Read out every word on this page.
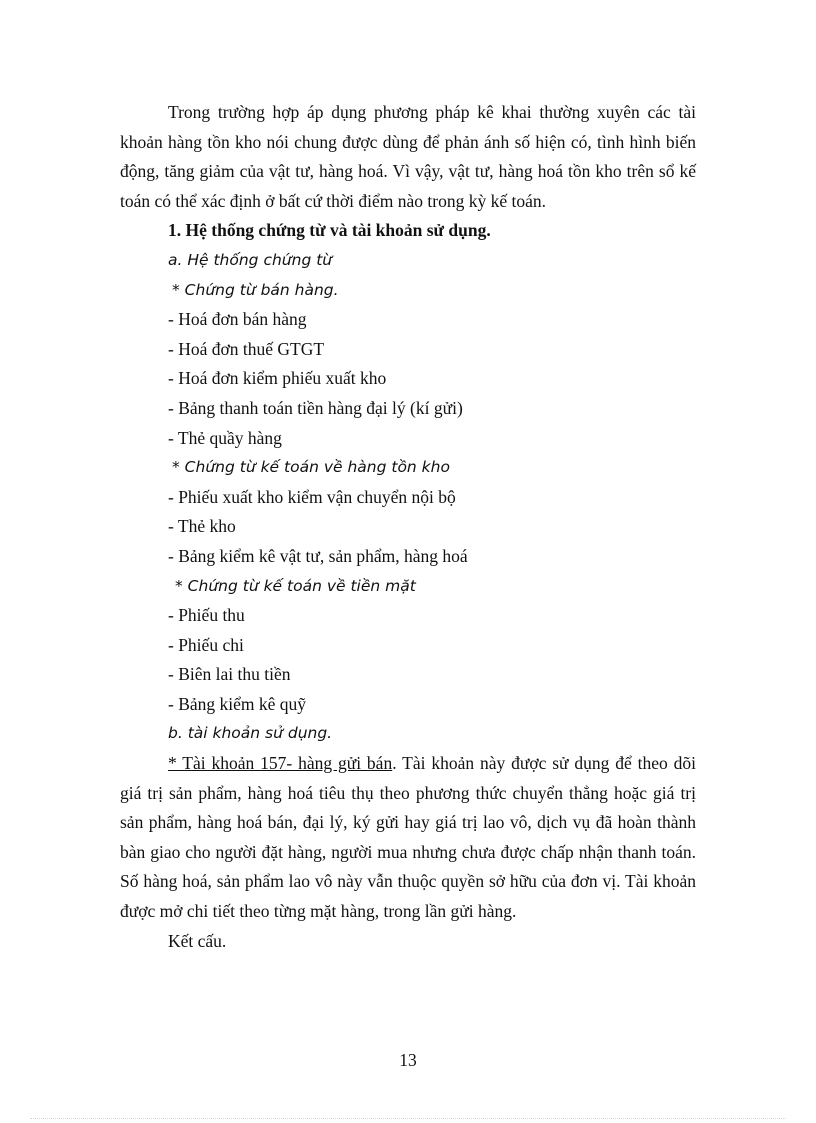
Trong trường hợp áp dụng phương pháp kê khai thường xuyên các tài khoản hàng tồn kho nói chung được dùng để phản ánh số hiện có, tình hình biến động, tăng giảm của vật tư, hàng hoá. Vì vậy, vật tư, hàng hoá tồn kho trên sổ kế toán có thể xác định ở bất cứ thời điểm nào trong kỳ kế toán.

1. Hệ thống chứng từ và tài khoản sử dụng.

a. Hệ thống chứng từ

* Chứng từ bán hàng.

- Hoá đơn bán hàng

- Hoá đơn thuế GTGT

- Hoá đơn kiểm phiếu xuất kho

- Bảng thanh toán tiền hàng đại lý (kí gửi)

- Thẻ quầy hàng

* Chứng từ kế toán về hàng tồn kho

- Phiếu xuất kho kiểm vận chuyển nội bộ

- Thẻ kho

- Bảng kiểm kê vật tư, sản phẩm, hàng hoá

* Chứng từ kế toán về tiền mặt

- Phiếu thu

- Phiếu chi

- Biên lai thu tiền

- Bảng kiểm kê quỹ

b. tài khoản sử dụng.

* Tài khoản 157- hàng gửi bán. Tài khoản này được sử dụng để theo dõi giá trị sản phẩm, hàng hoá tiêu thụ theo phương thức chuyển thẳng hoặc giá trị sản phẩm, hàng hoá bán, đại lý, ký gửi hay giá trị lao vô, dịch vụ đã hoàn thành bàn giao cho người đặt hàng, người mua nhưng chưa được chấp nhận thanh toán. Số hàng hoá, sản phẩm lao vô này vẫn thuộc quyền sở hữu của đơn vị. Tài khoản được mở chi tiết theo từng mặt hàng, trong lần gửi hàng.

Kết cấu.

13
